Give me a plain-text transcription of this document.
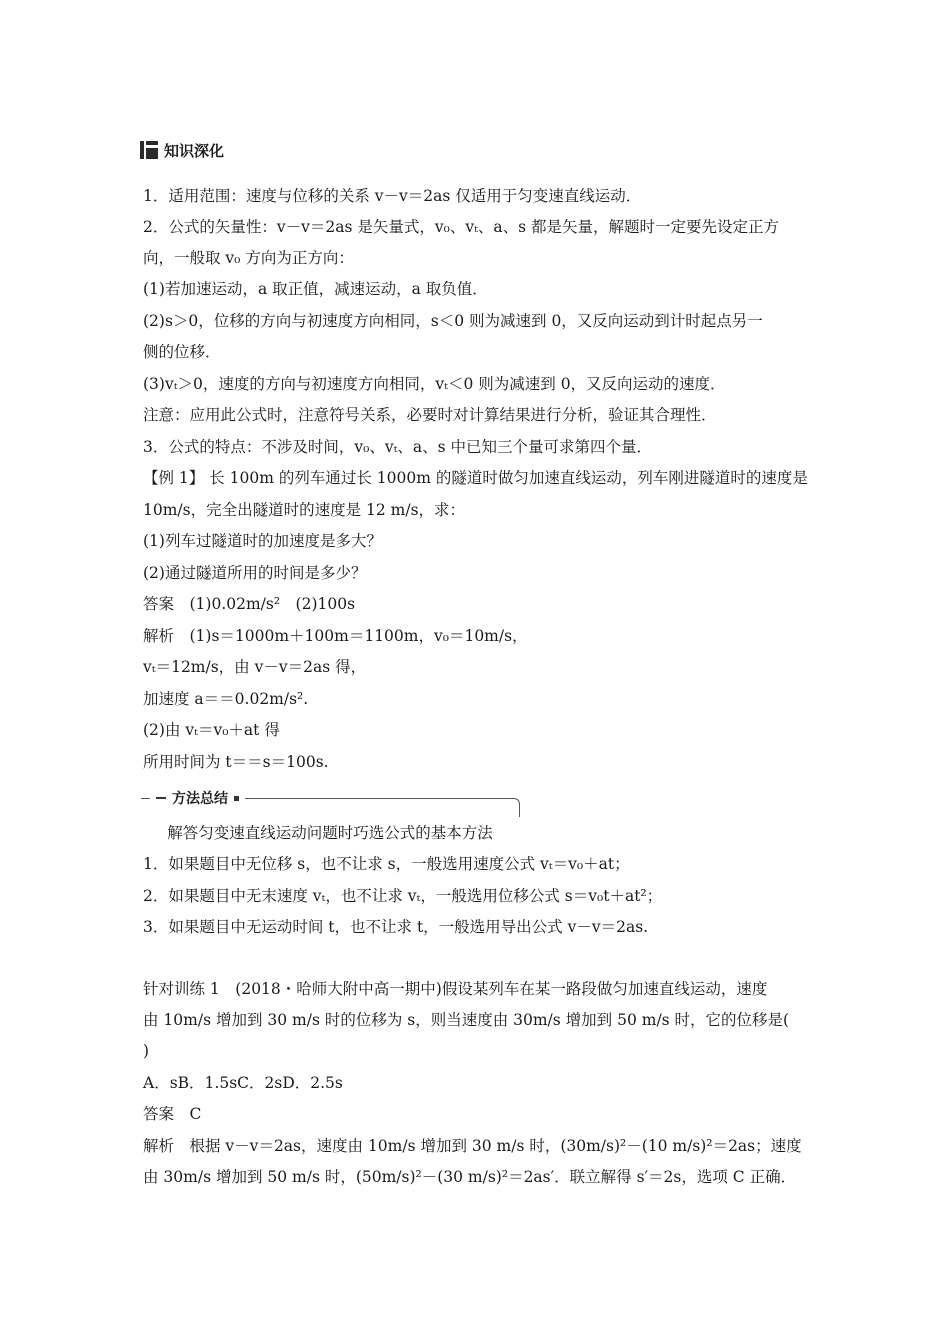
知识深化

1．适用范围：速度与位移的关系 v－v＝2as 仅适用于匀变速直线运动．

2．公式的矢量性：v－v＝2as 是矢量式，v₀、vₜ、a、s 都是矢量，解题时一定要先设定正方

向，一般取 v₀ 方向为正方向：

(1)若加速运动，a 取正值，减速运动，a 取负值．

(2)s＞0，位移的方向与初速度方向相同，s＜0 则为减速到 0，又反向运动到计时起点另一

侧的位移．

(3)vₜ＞0，速度的方向与初速度方向相同，vₜ＜0 则为减速到 0，又反向运动的速度．

注意：应用此公式时，注意符号关系，必要时对计算结果进行分析，验证其合理性．

3．公式的特点：不涉及时间，v₀、vₜ、a、s 中已知三个量可求第四个量．

【例 1】 长 100m 的列车通过长 1000m 的隧道时做匀加速直线运动，列车刚进隧道时的速度是

10m/s，完全出隧道时的速度是 12 m/s，求：

(1)列车过隧道时的加速度是多大？

(2)通过隧道所用的时间是多少？

答案　(1)0.02m/s²　(2)100s

解析　(1)s＝1000m＋100m＝1100m，v₀＝10m/s，

vₜ＝12m/s，由 v－v＝2as 得，

加速度 a＝＝0.02m/s².

(2)由 vₜ＝v₀＋at 得

所用时间为 t＝＝s＝100s.

方法总结

解答匀变速直线运动问题时巧选公式的基本方法

1．如果题目中无位移 s，也不让求 s，一般选用速度公式 vₜ＝v₀＋at；

2．如果题目中无末速度 vₜ，也不让求 vₜ，一般选用位移公式 s＝v₀t＋at²；

3．如果题目中无运动时间 t，也不让求 t，一般选用导出公式 v－v＝2as.

针对训练 1　(2018・哈师大附中高一期中)假设某列车在某一路段做匀加速直线运动，速度

由 10m/s 增加到 30 m/s 时的位移为 s，则当速度由 30m/s 增加到 50 m/s 时，它的位移是(

)

A．sB．1.5sC．2sD．2.5s

答案　C

解析　根据 v－v＝2as，速度由 10m/s 增加到 30 m/s 时，(30m/s)²－(10 m/s)²＝2as；速度

由 30m/s 增加到 50 m/s 时，(50m/s)²－(30 m/s)²＝2as′．联立解得 s′＝2s，选项 C 正确．
